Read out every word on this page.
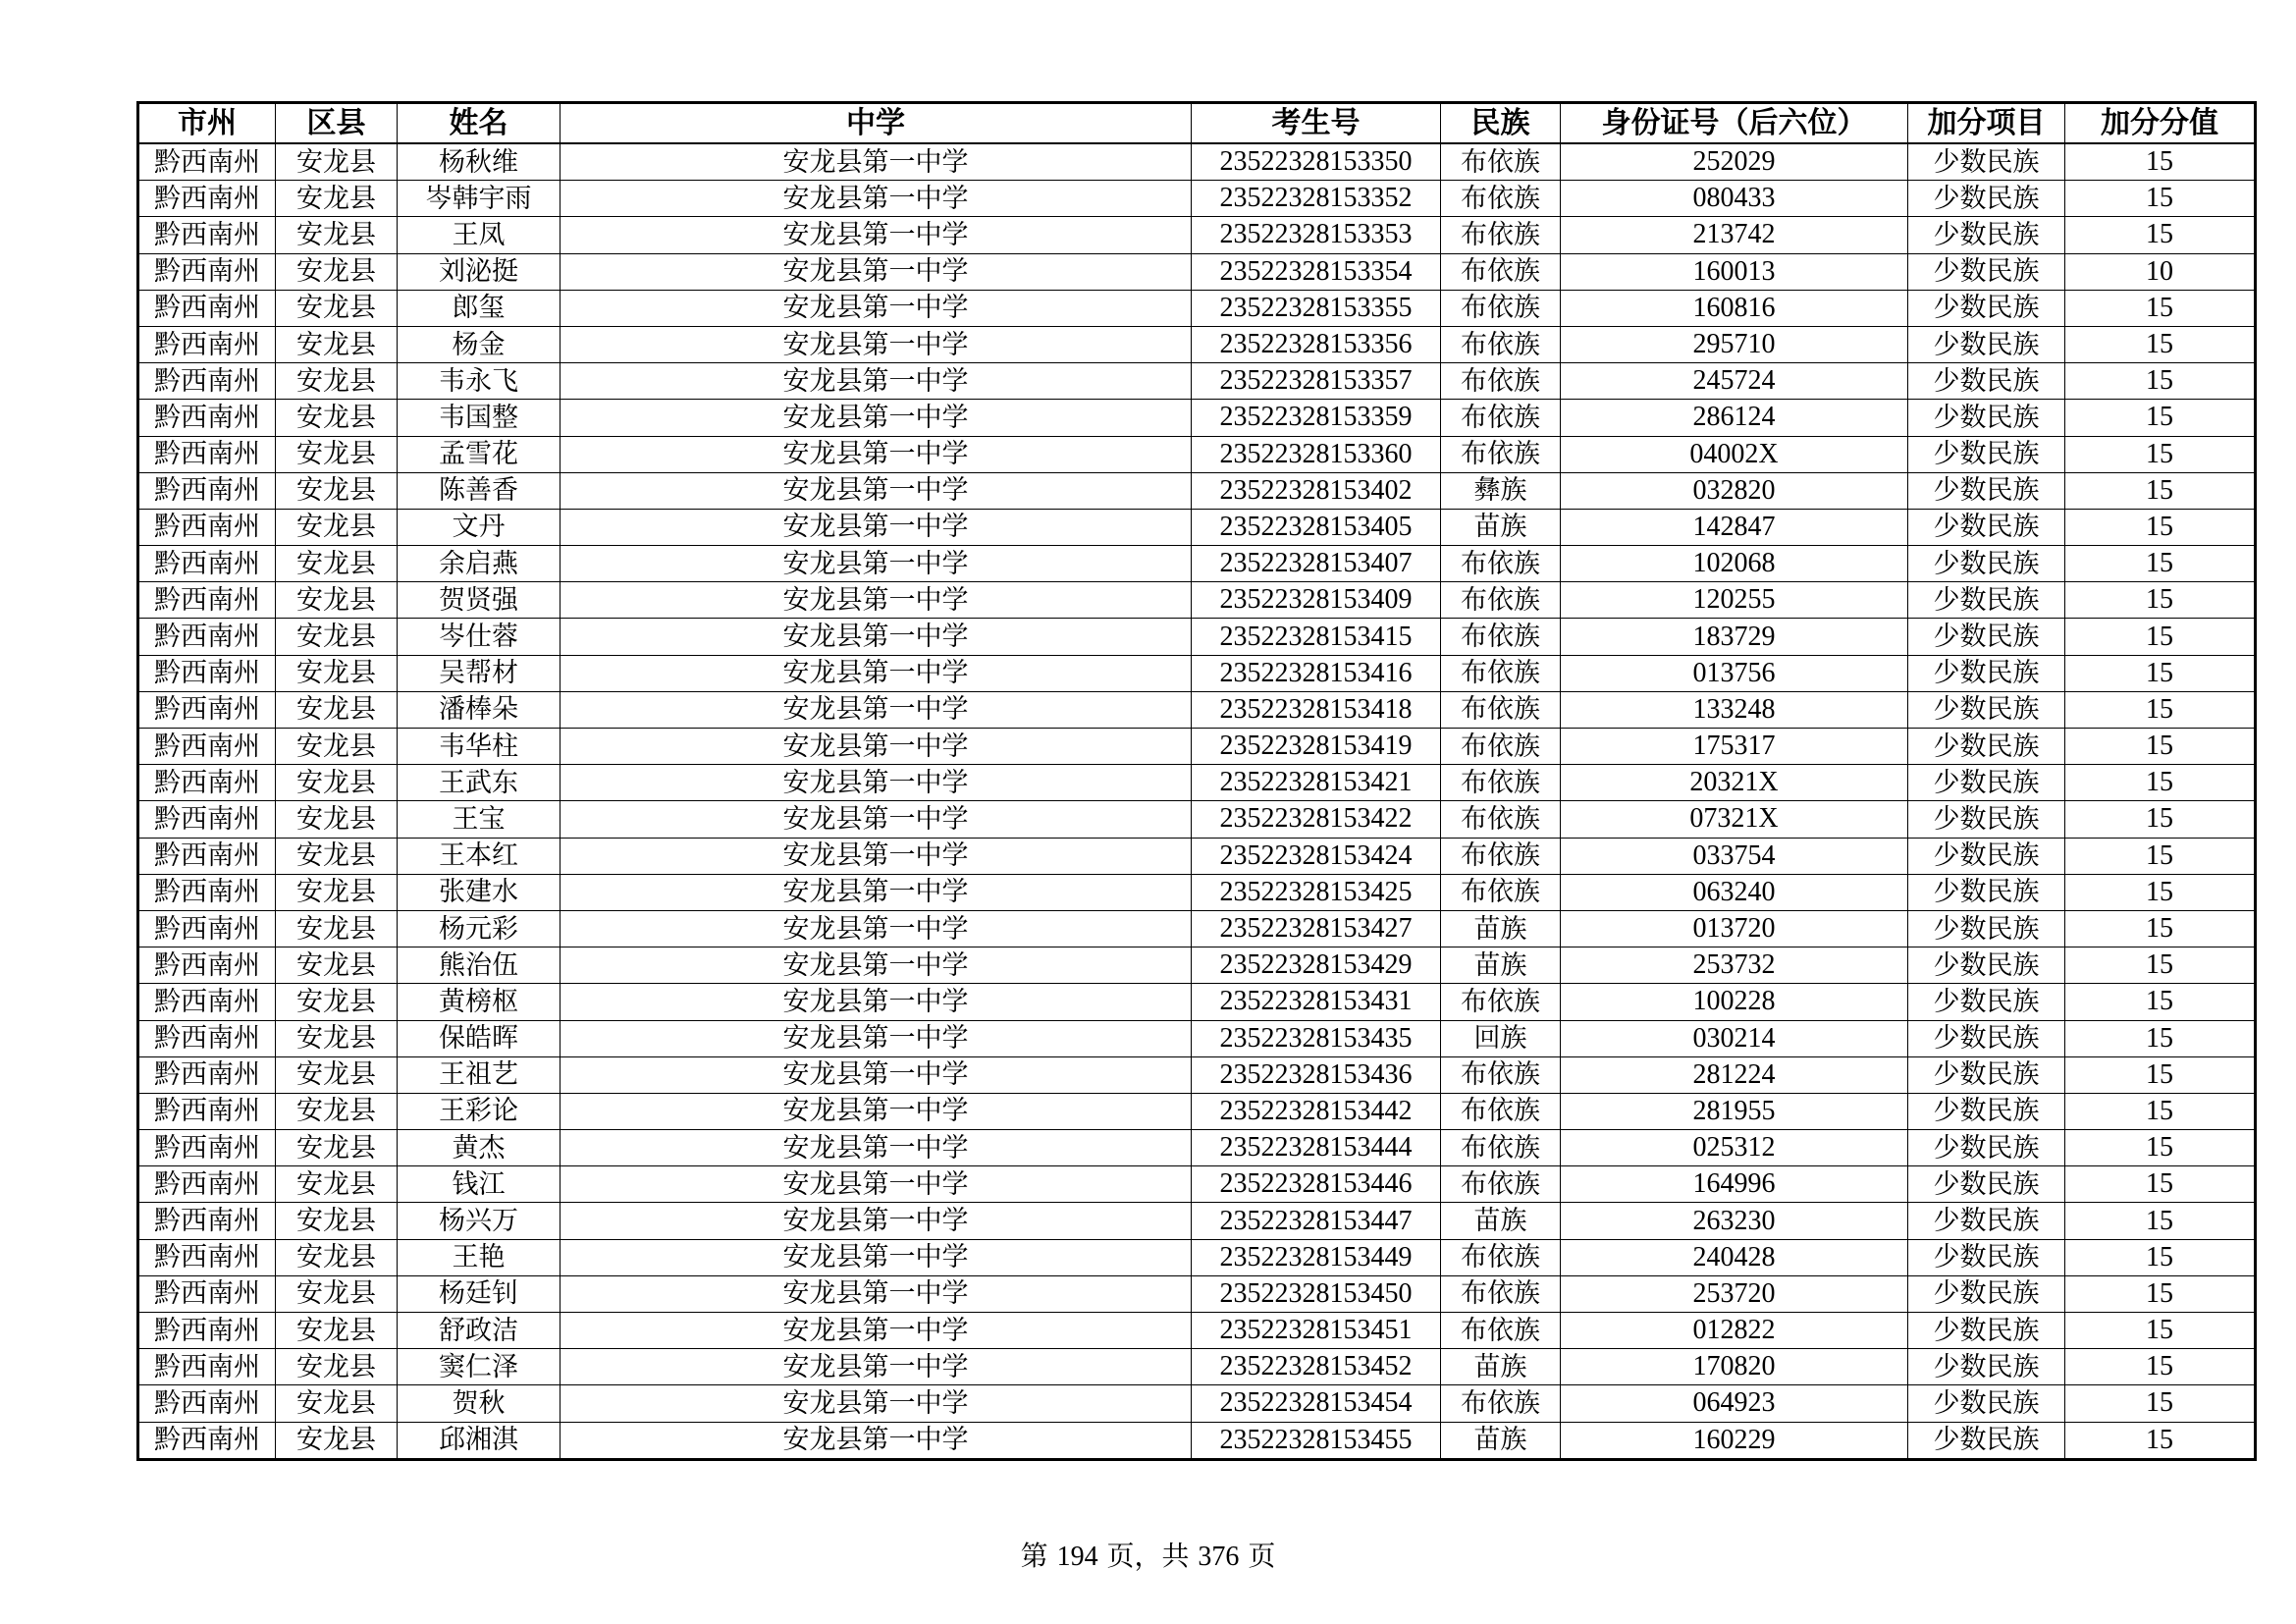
市州	区县	姓名	中学	考生号	民族	身份证号（后六位）	加分项目	加分分值
黔西南州	安龙县	杨秋维	安龙县第一中学	23522328153350	布依族	252029	少数民族	15
黔西南州	安龙县	岑韩宇雨	安龙县第一中学	23522328153352	布依族	080433	少数民族	15
黔西南州	安龙县	王凤	安龙县第一中学	23522328153353	布依族	213742	少数民族	15
黔西南州	安龙县	刘泌挺	安龙县第一中学	23522328153354	布依族	160013	少数民族	10
黔西南州	安龙县	郎玺	安龙县第一中学	23522328153355	布依族	160816	少数民族	15
黔西南州	安龙县	杨金	安龙县第一中学	23522328153356	布依族	295710	少数民族	15
黔西南州	安龙县	韦永飞	安龙县第一中学	23522328153357	布依族	245724	少数民族	15
黔西南州	安龙县	韦国整	安龙县第一中学	23522328153359	布依族	286124	少数民族	15
黔西南州	安龙县	孟雪花	安龙县第一中学	23522328153360	布依族	04002X	少数民族	15
黔西南州	安龙县	陈善香	安龙县第一中学	23522328153402	彝族	032820	少数民族	15
黔西南州	安龙县	文丹	安龙县第一中学	23522328153405	苗族	142847	少数民族	15
黔西南州	安龙县	余启燕	安龙县第一中学	23522328153407	布依族	102068	少数民族	15
黔西南州	安龙县	贺贤强	安龙县第一中学	23522328153409	布依族	120255	少数民族	15
黔西南州	安龙县	岑仕蓉	安龙县第一中学	23522328153415	布依族	183729	少数民族	15
黔西南州	安龙县	吴帮材	安龙县第一中学	23522328153416	布依族	013756	少数民族	15
黔西南州	安龙县	潘棒朵	安龙县第一中学	23522328153418	布依族	133248	少数民族	15
黔西南州	安龙县	韦华柱	安龙县第一中学	23522328153419	布依族	175317	少数民族	15
黔西南州	安龙县	王武东	安龙县第一中学	23522328153421	布依族	20321X	少数民族	15
黔西南州	安龙县	王宝	安龙县第一中学	23522328153422	布依族	07321X	少数民族	15
黔西南州	安龙县	王本红	安龙县第一中学	23522328153424	布依族	033754	少数民族	15
黔西南州	安龙县	张建水	安龙县第一中学	23522328153425	布依族	063240	少数民族	15
黔西南州	安龙县	杨元彩	安龙县第一中学	23522328153427	苗族	013720	少数民族	15
黔西南州	安龙县	熊治伍	安龙县第一中学	23522328153429	苗族	253732	少数民族	15
黔西南州	安龙县	黄榜枢	安龙县第一中学	23522328153431	布依族	100228	少数民族	15
黔西南州	安龙县	保皓晖	安龙县第一中学	23522328153435	回族	030214	少数民族	15
黔西南州	安龙县	王祖艺	安龙县第一中学	23522328153436	布依族	281224	少数民族	15
黔西南州	安龙县	王彩论	安龙县第一中学	23522328153442	布依族	281955	少数民族	15
黔西南州	安龙县	黄杰	安龙县第一中学	23522328153444	布依族	025312	少数民族	15
黔西南州	安龙县	钱江	安龙县第一中学	23522328153446	布依族	164996	少数民族	15
黔西南州	安龙县	杨兴万	安龙县第一中学	23522328153447	苗族	263230	少数民族	15
黔西南州	安龙县	王艳	安龙县第一中学	23522328153449	布依族	240428	少数民族	15
黔西南州	安龙县	杨廷钊	安龙县第一中学	23522328153450	布依族	253720	少数民族	15
黔西南州	安龙县	舒政洁	安龙县第一中学	23522328153451	布依族	012822	少数民族	15
黔西南州	安龙县	窦仁泽	安龙县第一中学	23522328153452	苗族	170820	少数民族	15
黔西南州	安龙县	贺秋	安龙县第一中学	23522328153454	布依族	064923	少数民族	15
黔西南州	安龙县	邱湘淇	安龙县第一中学	23522328153455	苗族	160229	少数民族	15
第 194 页，共 376 页
